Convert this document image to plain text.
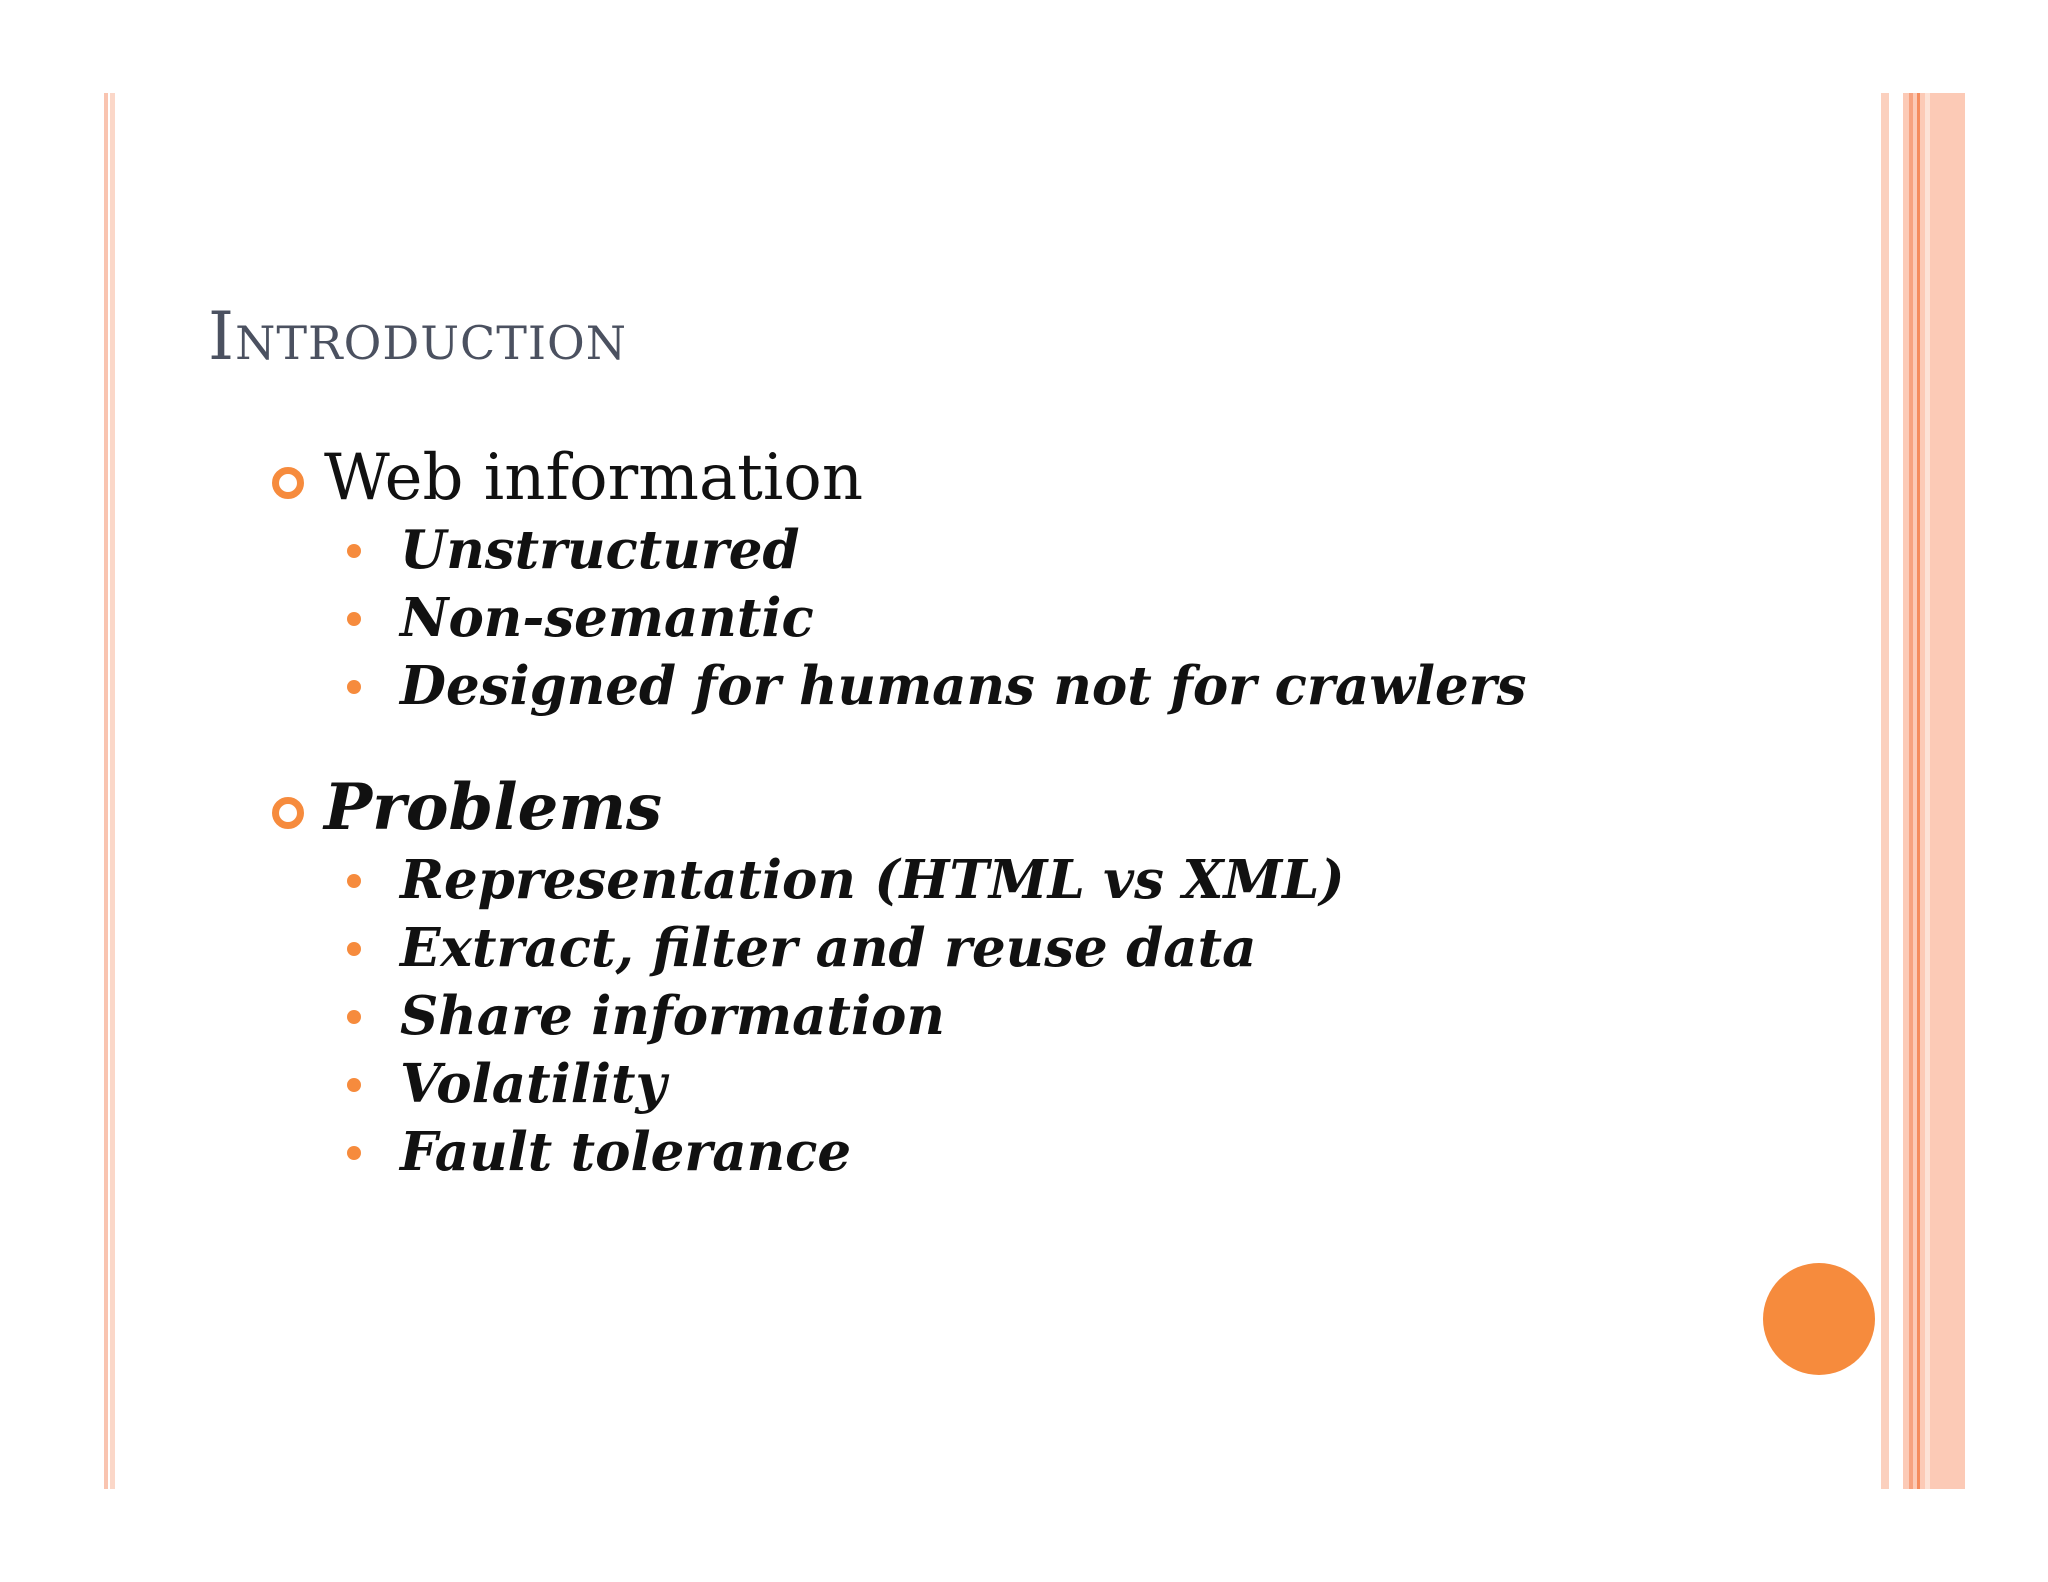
Introduction
Web information
Unstructured
Non-semantic
Designed for humans not for crawlers
Problems
Representation (HTML vs XML)
Extract, filter and reuse data
Share information
Volatility
Fault tolerance
